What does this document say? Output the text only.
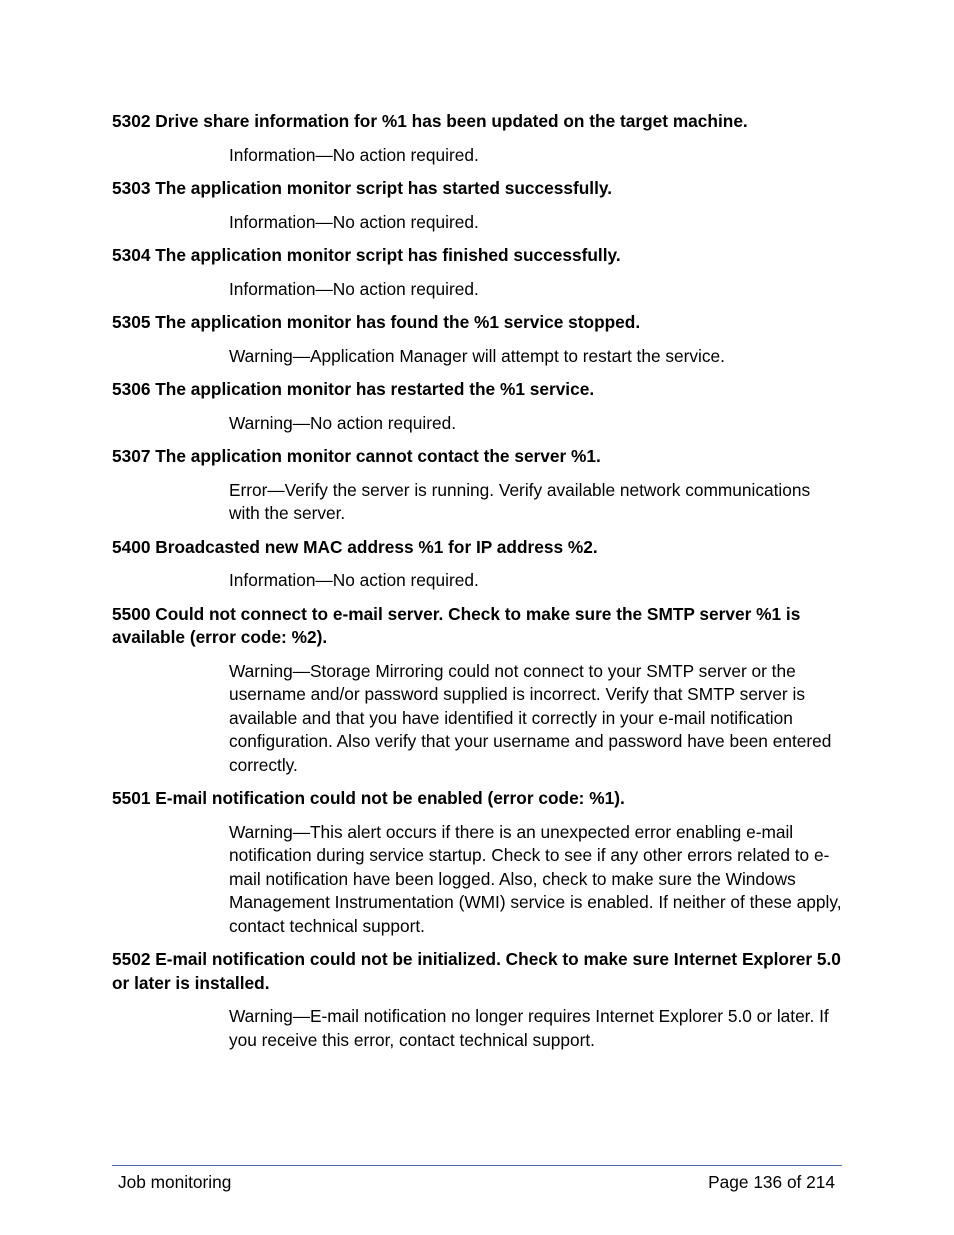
5302 Drive share information for %1 has been updated on the target machine.

Information—No action required.

5303 The application monitor script has started successfully.

Information—No action required.

5304 The application monitor script has finished successfully.

Information—No action required.

5305 The application monitor has found the %1 service stopped.

Warning—Application Manager will attempt to restart the service.

5306 The application monitor has restarted the %1 service.

Warning—No action required.

5307 The application monitor cannot contact the server %1.

Error—Verify the server is running. Verify available network communications with the server.

5400 Broadcasted new MAC address %1 for IP address %2.

Information—No action required.

5500 Could not connect to e-mail server. Check to make sure the SMTP server %1 is available (error code: %2).

Warning—Storage Mirroring could not connect to your SMTP server or the username and/or password supplied is incorrect. Verify that SMTP server is available and that you have identified it correctly in your e-mail notification configuration. Also verify that your username and password have been entered correctly.

5501 E-mail notification could not be enabled (error code: %1).

Warning—This alert occurs if there is an unexpected error enabling e-mail notification during service startup. Check to see if any other errors related to e-mail notification have been logged. Also, check to make sure the Windows Management Instrumentation (WMI) service is enabled. If neither of these apply, contact technical support.

5502 E-mail notification could not be initialized. Check to make sure Internet Explorer 5.0 or later is installed.

Warning—E-mail notification no longer requires Internet Explorer 5.0 or later. If you receive this error, contact technical support.

Job monitoring	Page 136 of 214
